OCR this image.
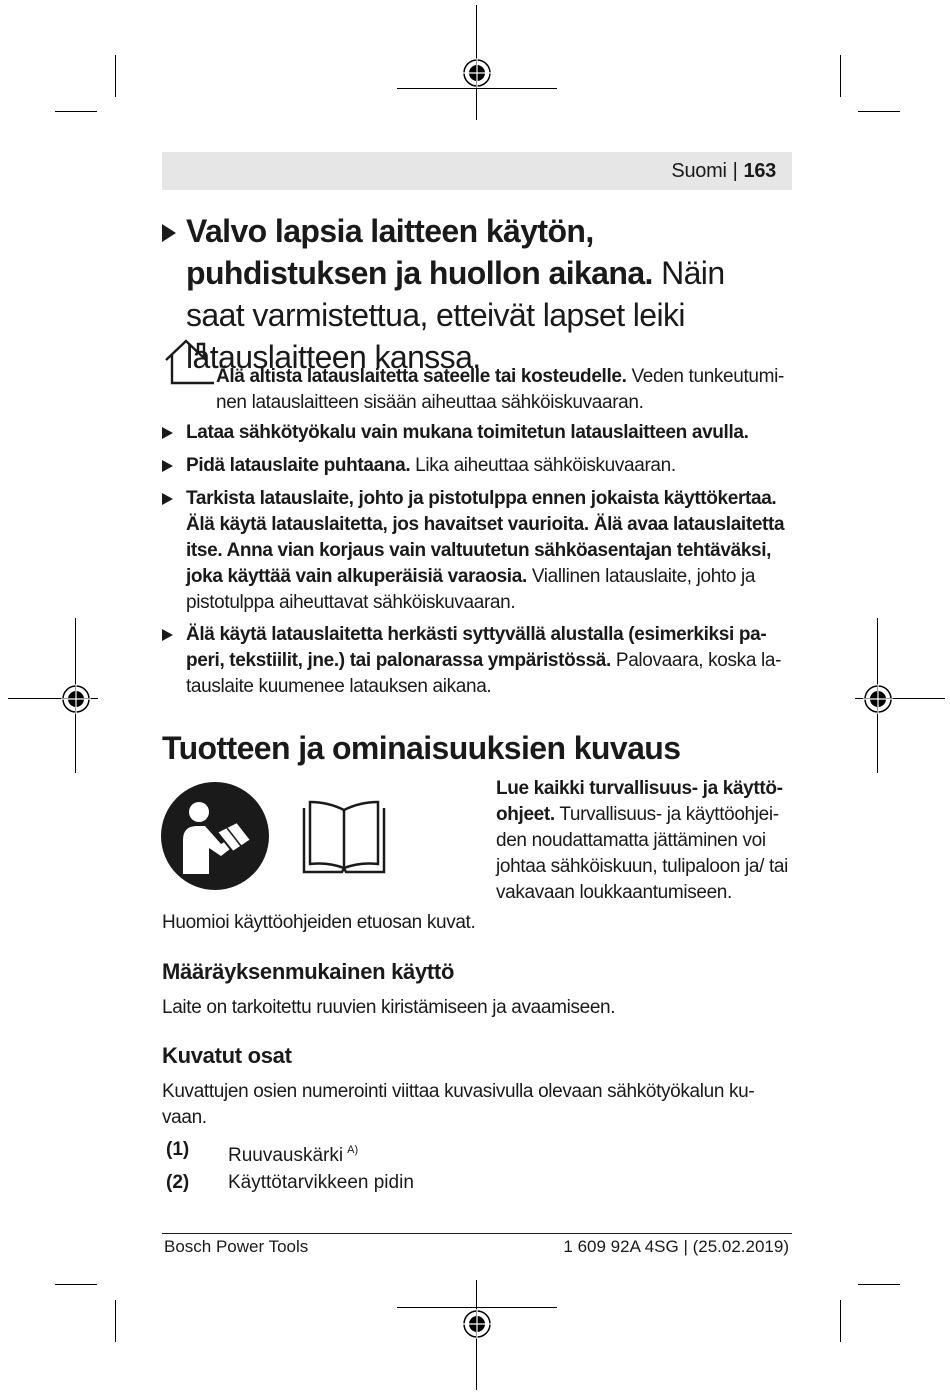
Suomi | 163
Valvo lapsia laitteen käytön, puhdistuksen ja huollon aikana. Näin saat varmistettua, etteivät lapset leiki latauslaitteen kanssa.
Älä altista latauslaitetta sateelle tai kosteudelle. Veden tunkeutuminen latauslaitteen sisään aiheuttaa sähköiskuvaaran.
Lataa sähkötyökalu vain mukana toimitetun latauslaitteen avulla.
Pidä latauslaite puhtaana. Lika aiheuttaa sähköiskuvaaran.
Tarkista latauslaite, johto ja pistotulppa ennen jokaista käyttökertaa. Älä käytä latauslaitetta, jos havaitset vaurioita. Älä avaa latauslaitetta itse. Anna vian korjaus vain valtuutetun sähköasentajan tehtäväksi, joka käyttää vain alkuperäisiä varaosia. Viallinen latauslaite, johto ja pistotulppa aiheuttavat sähköiskuvaaran.
Älä käytä latauslaitetta herkästi syttyvällä alustalla (esimerkiksi paperi, tekstiilit, jne.) tai palonarassa ympäristössä. Palovaara, koska latauslaite kuumenee latauksen aikana.
Tuotteen ja ominaisuuksien kuvaus
Lue kaikki turvallisuus- ja käyttöohjeet. Turvallisuus- ja käyttöohjeiden noudattamatta jättäminen voi johtaa sähköiskuun, tulipaloon ja/ tai vakavaan loukkaantumiseen.
Huomioi käyttöohjeiden etuosan kuvat.
Määräyksenmukainen käyttö
Laite on tarkoitettu ruuvien kiristämiseen ja avaamiseen.
Kuvatut osat
Kuvattujen osien numerointi viittaa kuvasivulla olevaan sähkötyökalun kuvaan.
(1) Ruuvauskärki $^{A)}$
(2) Käyttötarvikkeen pidin
Bosch Power Tools	1 609 92A 4SG | (25.02.2019)
